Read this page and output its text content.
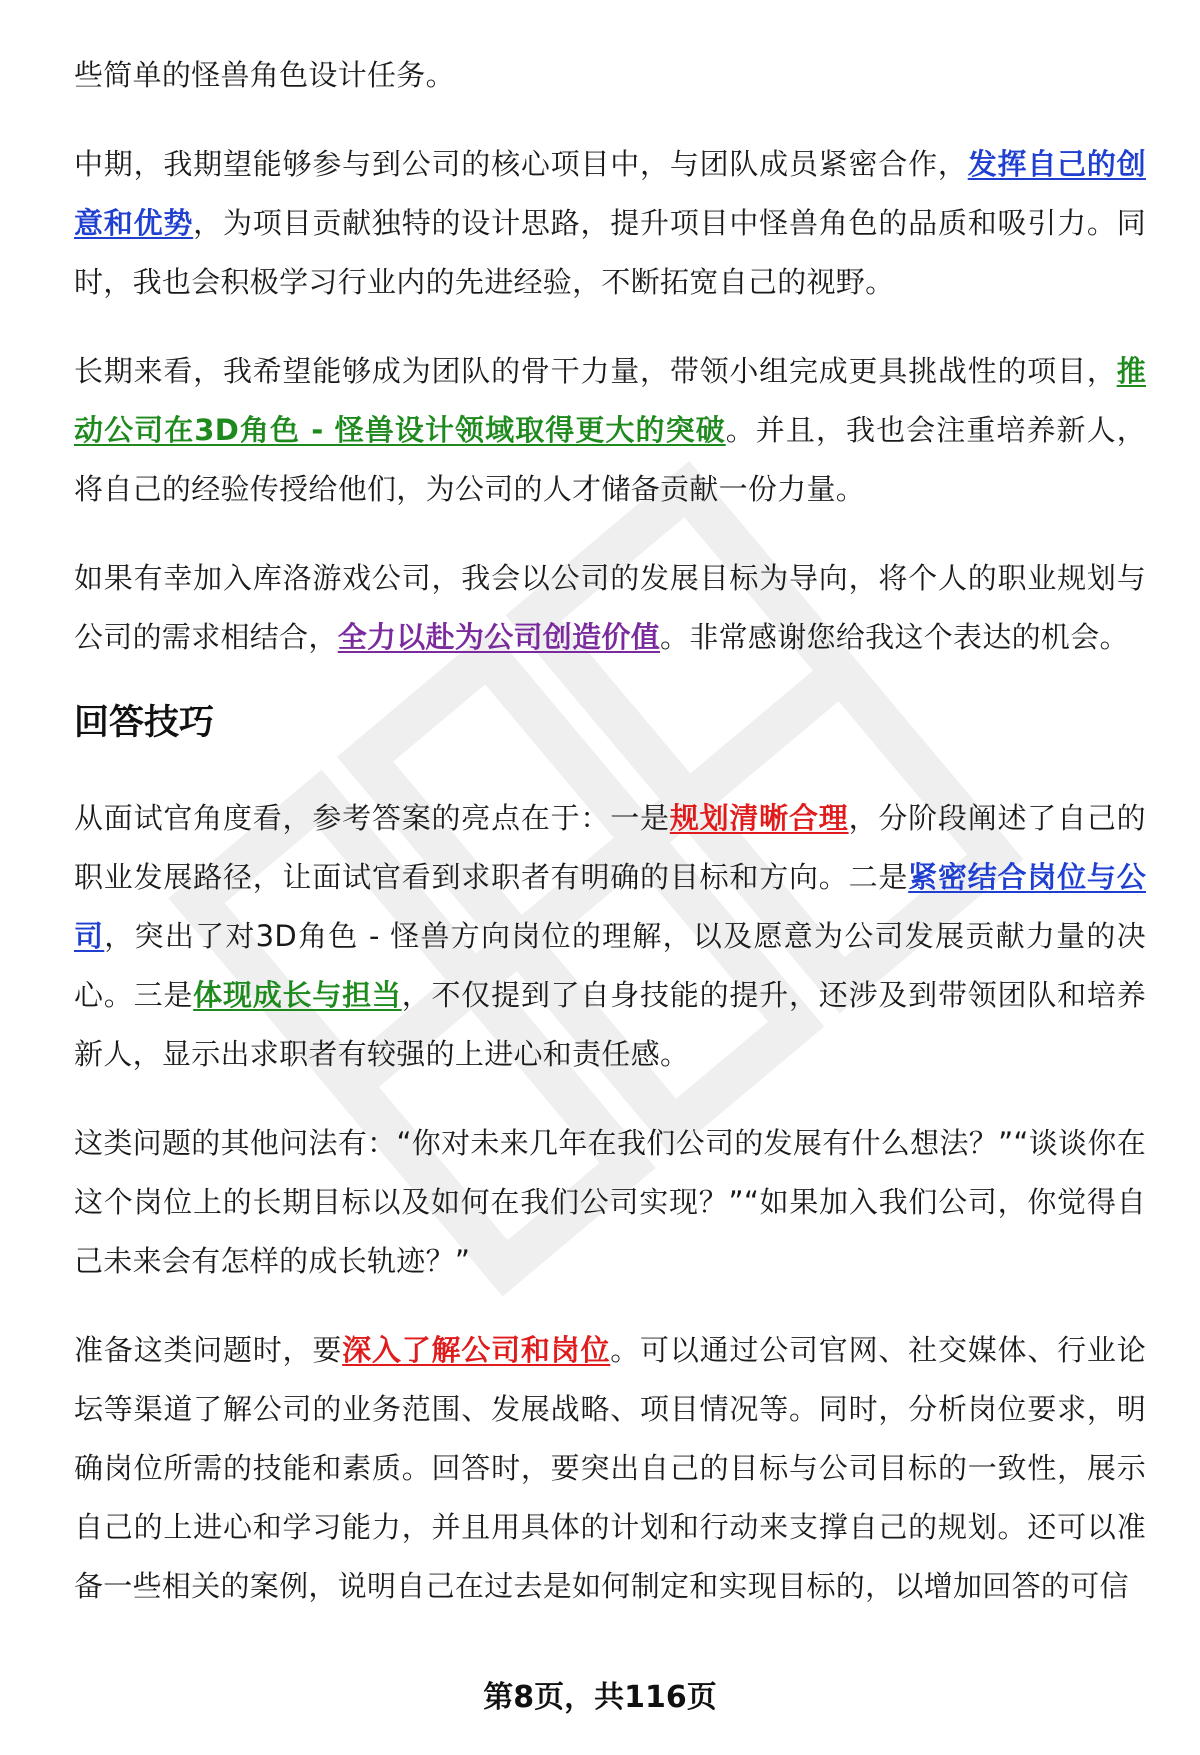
些简单的怪兽角色设计任务。

中期，我期望能够参与到公司的核心项目中，与团队成员紧密合作，发挥自己的创意和优势，为项目贡献独特的设计思路，提升项目中怪兽角色的品质和吸引力。同时，我也会积极学习行业内的先进经验，不断拓宽自己的视野。

长期来看，我希望能够成为团队的骨干力量，带领小组完成更具挑战性的项目，推动公司在3D角色 - 怪兽设计领域取得更大的突破。并且，我也会注重培养新人，将自己的经验传授给他们，为公司的人才储备贡献一份力量。

如果有幸加入库洛游戏公司，我会以公司的发展目标为导向，将个人的职业规划与公司的需求相结合，全力以赴为公司创造价值。非常感谢您给我这个表达的机会。

回答技巧

从面试官角度看，参考答案的亮点在于：一是规划清晰合理，分阶段阐述了自己的职业发展路径，让面试官看到求职者有明确的目标和方向。二是紧密结合岗位与公司，突出了对3D角色 - 怪兽方向岗位的理解，以及愿意为公司发展贡献力量的决心。三是体现成长与担当，不仅提到了自身技能的提升，还涉及到带领团队和培养新人，显示出求职者有较强的上进心和责任感。

这类问题的其他问法有：“你对未来几年在我们公司的发展有什么想法？”“谈谈你在这个岗位上的长期目标以及如何在我们公司实现？”“如果加入我们公司，你觉得自己未来会有怎样的成长轨迹？”

准备这类问题时，要深入了解公司和岗位。可以通过公司官网、社交媒体、行业论坛等渠道了解公司的业务范围、发展战略、项目情况等。同时，分析岗位要求，明确岗位所需的技能和素质。回答时，要突出自己的目标与公司目标的一致性，展示自己的上进心和学习能力，并且用具体的计划和行动来支撑自己的规划。还可以准备一些相关的案例，说明自己在过去是如何制定和实现目标的，以增加回答的可信

第8页，共116页
